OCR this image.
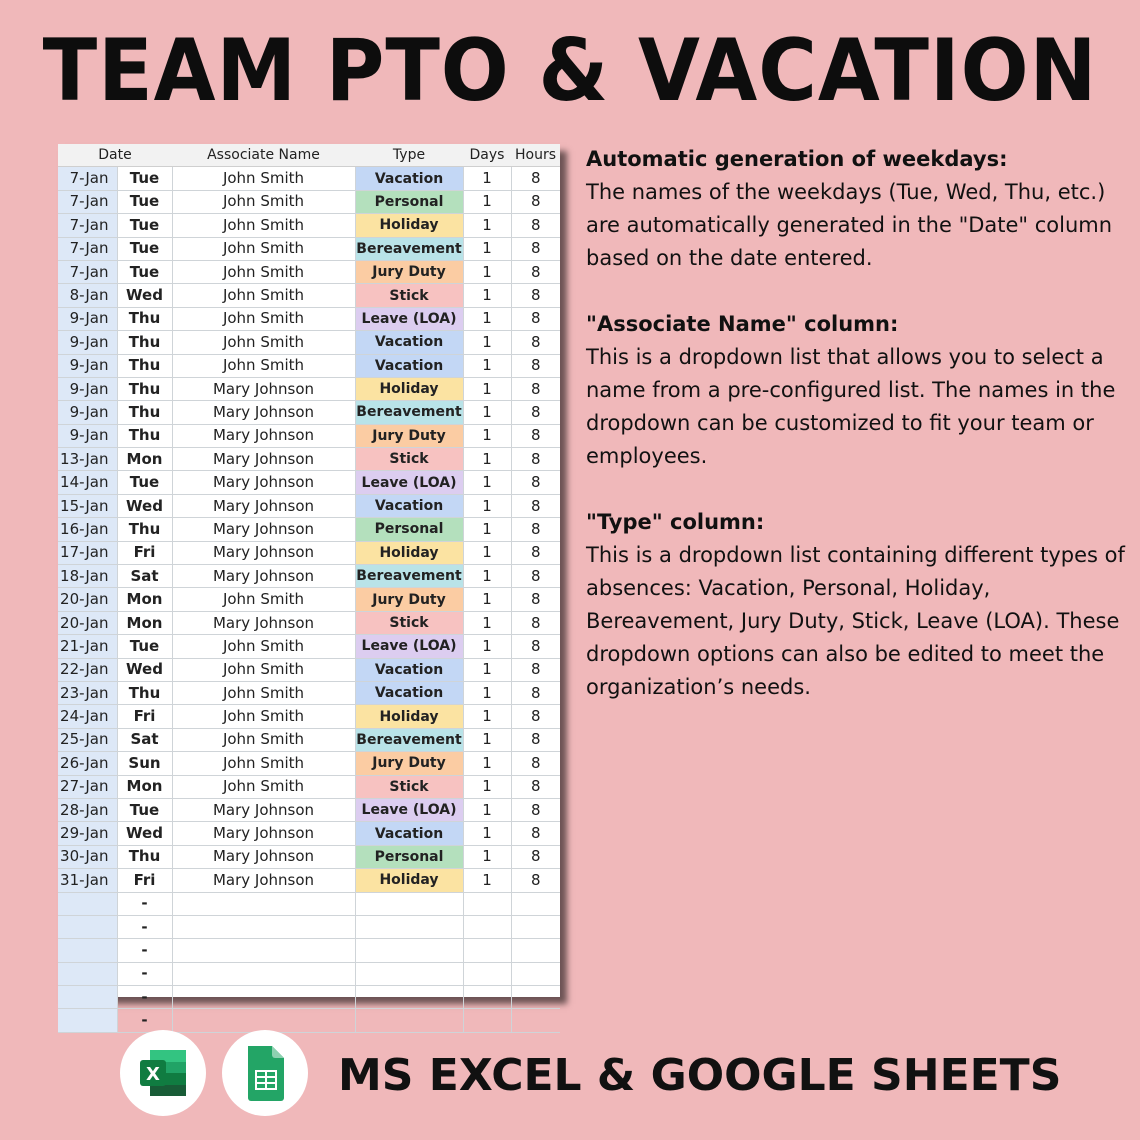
TEAM PTO & VACATION
Date		Associate Name	Type	Days	Hours
7-Jan	Tue	John Smith	Vacation	1	8
7-Jan	Tue	John Smith	Personal	1	8
7-Jan	Tue	John Smith	Holiday	1	8
7-Jan	Tue	John Smith	Bereavement	1	8
7-Jan	Tue	John Smith	Jury Duty	1	8
8-Jan	Wed	John Smith	Stick	1	8
9-Jan	Thu	John Smith	Leave (LOA)	1	8
9-Jan	Thu	John Smith	Vacation	1	8
9-Jan	Thu	John Smith	Vacation	1	8
9-Jan	Thu	Mary Johnson	Holiday	1	8
9-Jan	Thu	Mary Johnson	Bereavement	1	8
9-Jan	Thu	Mary Johnson	Jury Duty	1	8
13-Jan	Mon	Mary Johnson	Stick	1	8
14-Jan	Tue	Mary Johnson	Leave (LOA)	1	8
15-Jan	Wed	Mary Johnson	Vacation	1	8
16-Jan	Thu	Mary Johnson	Personal	1	8
17-Jan	Fri	Mary Johnson	Holiday	1	8
18-Jan	Sat	Mary Johnson	Bereavement	1	8
20-Jan	Mon	John Smith	Jury Duty	1	8
20-Jan	Mon	Mary Johnson	Stick	1	8
21-Jan	Tue	John Smith	Leave (LOA)	1	8
22-Jan	Wed	John Smith	Vacation	1	8
23-Jan	Thu	John Smith	Vacation	1	8
24-Jan	Fri	John Smith	Holiday	1	8
25-Jan	Sat	John Smith	Bereavement	1	8
26-Jan	Sun	John Smith	Jury Duty	1	8
27-Jan	Mon	John Smith	Stick	1	8
28-Jan	Tue	Mary Johnson	Leave (LOA)	1	8
29-Jan	Wed	Mary Johnson	Vacation	1	8
30-Jan	Thu	Mary Johnson	Personal	1	8
31-Jan	Fri	Mary Johnson	Holiday	1	8
	-				
	-				
	-				
	-				
	-				
	-				
Automatic generation of weekdays:
The names of the weekdays (Tue, Wed, Thu, etc.) are automatically generated in the "Date" column based on the date entered.
"Associate Name" column:
This is a dropdown list that allows you to select a name from a pre-configured list. The names in the dropdown can be customized to fit your team or employees.
"Type" column:
This is a dropdown list containing different types of absences: Vacation, Personal, Holiday, Bereavement, Jury Duty, Stick, Leave (LOA). These dropdown options can also be edited to meet the organization’s needs.
X	MS EXCEL & GOOGLE SHEETS
